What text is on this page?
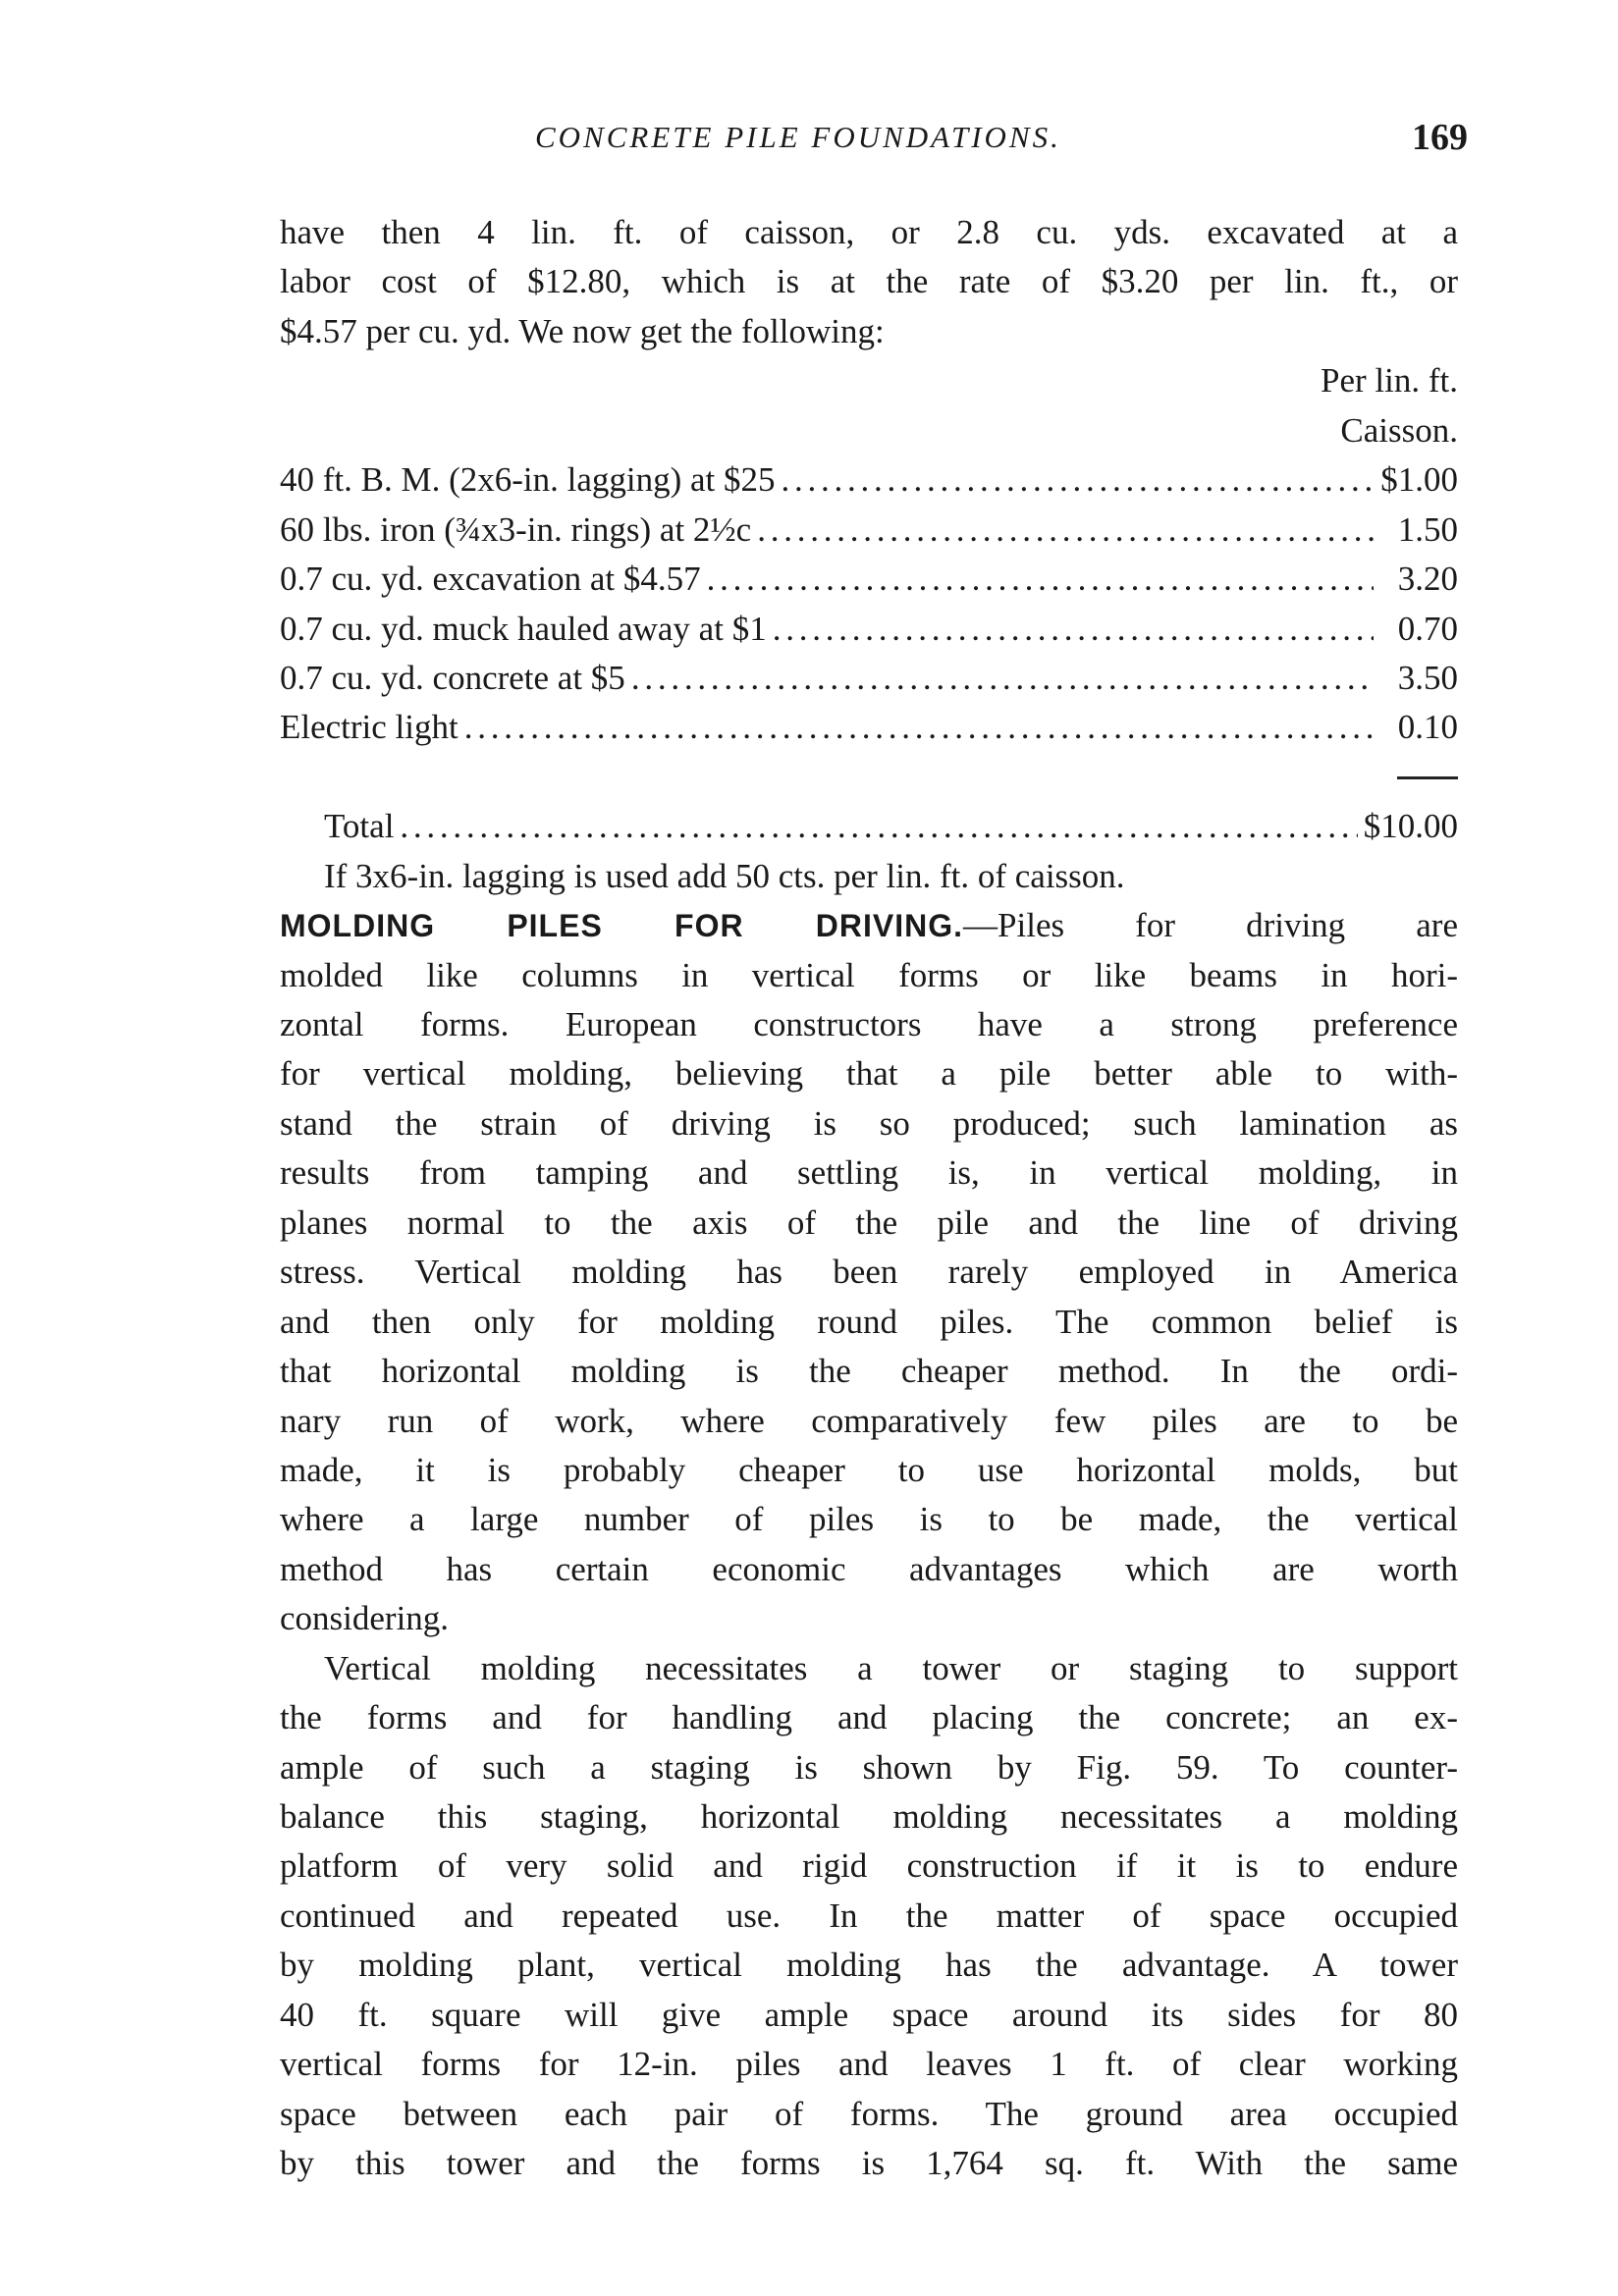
CONCRETE PILE FOUNDATIONS.	169
have then 4 lin. ft. of caisson, or 2.8 cu. yds. excavated at a
labor cost of $12.80, which is at the rate of $3.20 per lin. ft., or
$4.57 per cu. yd. We now get the following:
Per lin. ft.
Caisson.
40 ft. B. M. (2x6-in. lagging) at $25 . . .	$1.00
60 lbs. iron (¾x3-in. rings) at 2½c . . .	1.50
0.7 cu. yd. excavation at $4.57 . . .	3.20
0.7 cu. yd. muck hauled away at $1 . . .	0.70
0.7 cu. yd. concrete at $5 . . .	3.50
Electric light . . .	0.10
Total . . .	$10.00
If 3x6-in. lagging is used add 50 cts. per lin. ft. of caisson.
MOLDING PILES FOR DRIVING.—Piles for driving are
molded like columns in vertical forms or like beams in hori-
zontal forms. European constructors have a strong preference
for vertical molding, believing that a pile better able to with-
stand the strain of driving is so produced; such lamination as
results from tamping and settling is, in vertical molding, in
planes normal to the axis of the pile and the line of driving
stress. Vertical molding has been rarely employed in America
and then only for molding round piles. The common belief is
that horizontal molding is the cheaper method. In the ordi-
nary run of work, where comparatively few piles are to be
made, it is probably cheaper to use horizontal molds, but
where a large number of piles is to be made, the vertical
method has certain economic advantages which are worth
considering.
Vertical molding necessitates a tower or staging to support
the forms and for handling and placing the concrete; an ex-
ample of such a staging is shown by Fig. 59. To counter-
balance this staging, horizontal molding necessitates a molding
platform of very solid and rigid construction if it is to endure
continued and repeated use. In the matter of space occupied
by molding plant, vertical molding has the advantage. A tower
40 ft. square will give ample space around its sides for 80
vertical forms for 12-in. piles and leaves 1 ft. of clear working
space between each pair of forms. The ground area occupied
by this tower and the forms is 1,764 sq. ft. With the same
